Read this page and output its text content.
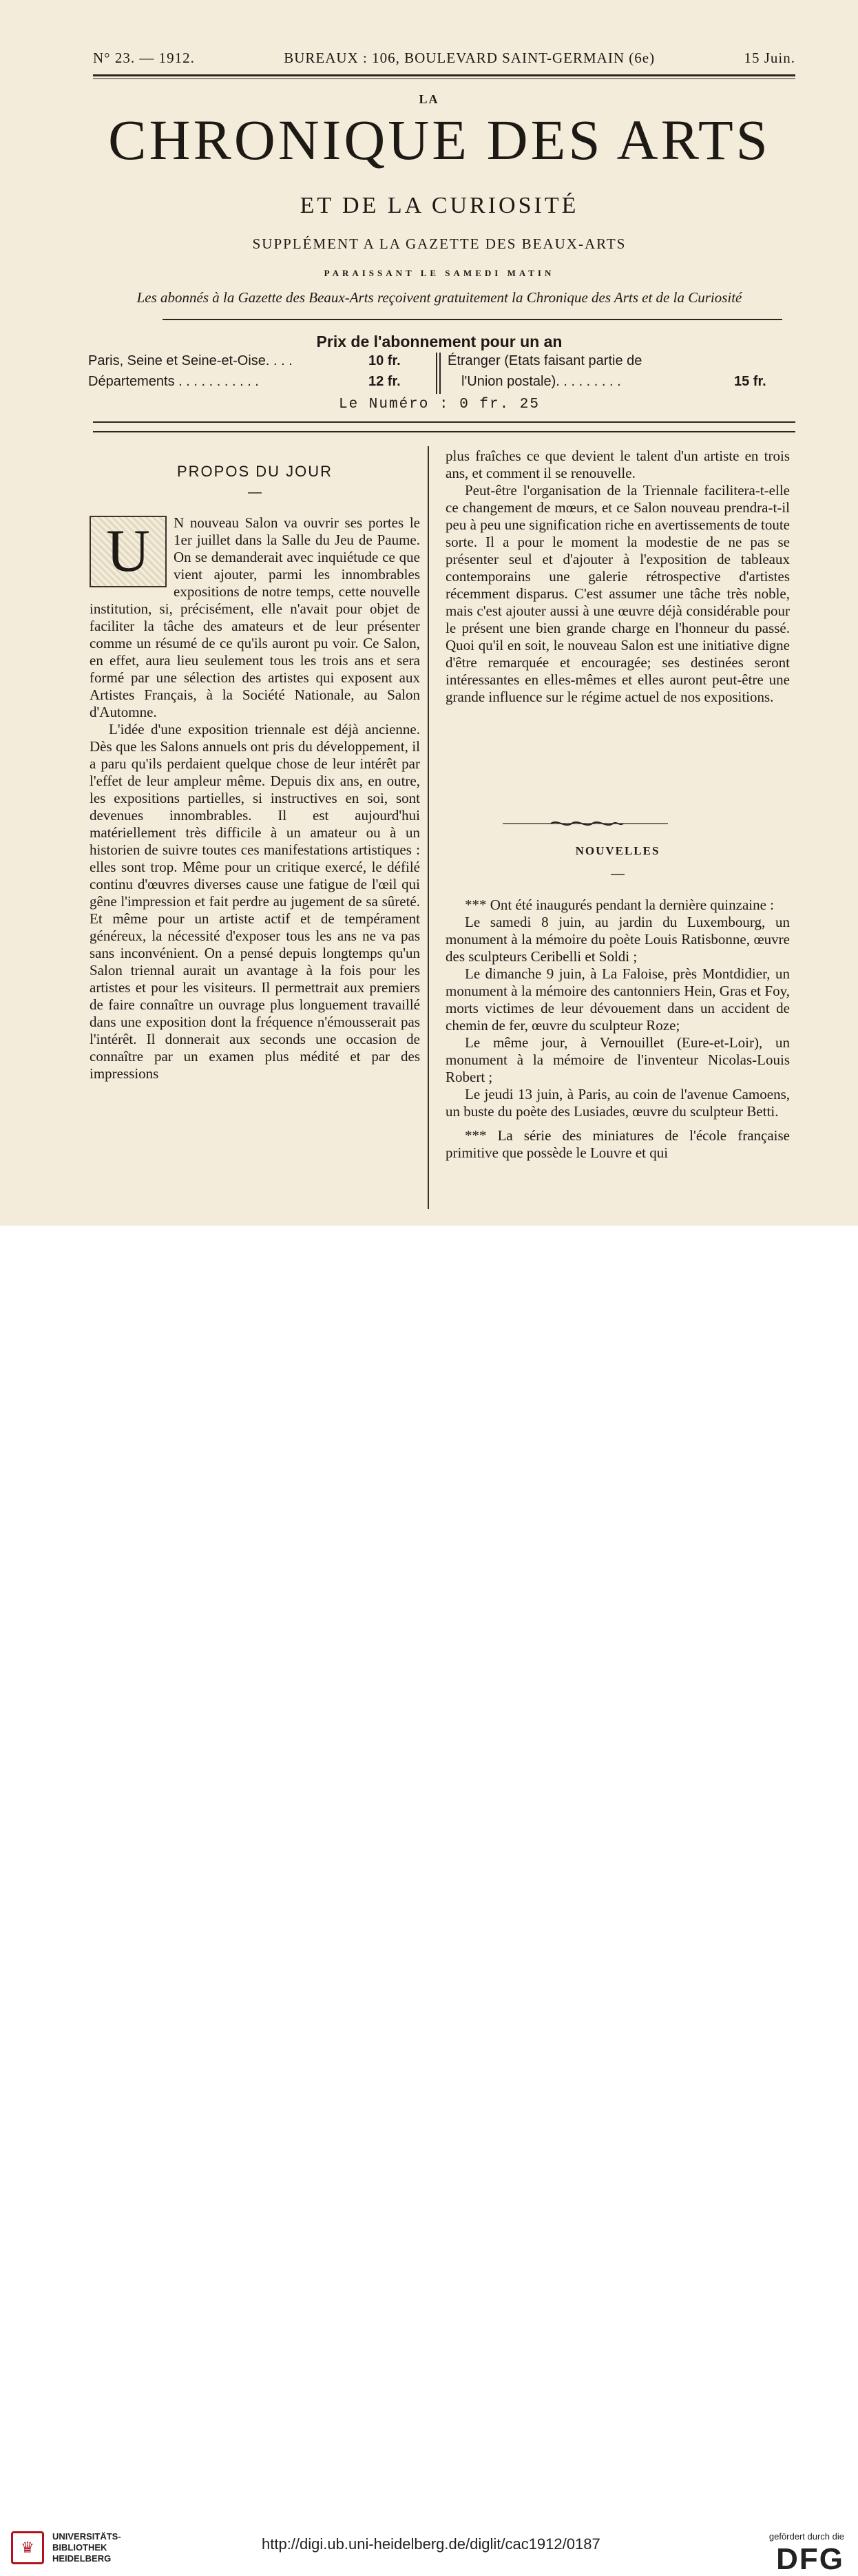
N° 23. — 1912.	BUREAUX : 106, BOULEVARD SAINT-GERMAIN (6e)	15 Juin.
LA
CHRONIQUE DES ARTS
ET DE LA CURIOSITÉ
SUPPLÉMENT A LA GAZETTE DES BEAUX-ARTS
PARAISSANT LE SAMEDI MATIN
Les abonnés à la Gazette des Beaux-Arts reçoivent gratuitement la Chronique des Arts et de la Curiosité
Prix de l'abonnement pour un an
Paris, Seine et Seine-et-Oise. . . .	10 fr.
Départements . . . . . . . . . . .	12 fr.
Étranger (Etats faisant partie de
l'Union postale). . . . . . . . .	15 fr.
Le Numéro : 0 fr. 25
PROPOS DU JOUR
—
U	N nouveau Salon va ouvrir ses portes le 1er juillet dans la Salle du Jeu de Paume. On se demanderait avec inquiétude ce que vient ajouter, parmi les innombrables expositions de notre temps, cette nouvelle institution, si, précisément, elle n'avait pour objet de faciliter la tâche des amateurs et de leur présenter comme un résumé de ce qu'ils auront pu voir. Ce Salon, en effet, aura lieu seulement tous les trois ans et sera formé par une sélection des artistes qui exposent aux Artistes Français, à la Société Nationale, au Salon d'Automne.

L'idée d'une exposition triennale est déjà ancienne. Dès que les Salons annuels ont pris du développement, il a paru qu'ils perdaient quelque chose de leur intérêt par l'effet de leur ampleur même. Depuis dix ans, en outre, les expositions partielles, si instructives en soi, sont devenues innombrables. Il est aujourd'hui matériellement très difficile à un amateur ou à un historien de suivre toutes ces manifestations artistiques : elles sont trop. Même pour un critique exercé, le défilé continu d'œuvres diverses cause une fatigue de l'œil qui gêne l'impression et fait perdre au jugement de sa sûreté. Et même pour un artiste actif et de tempérament généreux, la nécessité d'exposer tous les ans ne va pas sans inconvénient. On a pensé depuis longtemps qu'un Salon triennal aurait un avantage à la fois pour les artistes et pour les visiteurs. Il permettrait aux premiers de faire connaître un ouvrage plus longuement travaillé dans une exposition dont la fréquence n'émousserait pas l'intérêt. Il donnerait aux seconds une occasion de connaître par un examen plus médité et par des impressions

plus fraîches ce que devient le talent d'un artiste en trois ans, et comment il se renouvelle.

Peut-être l'organisation de la Triennale facilitera-t-elle ce changement de mœurs, et ce Salon nouveau prendra-t-il peu à peu une signification riche en avertissements de toute sorte. Il a pour le moment la modestie de ne pas se présenter seul et d'ajouter à l'exposition de tableaux contemporains une galerie rétrospective d'artistes récemment disparus. C'est assumer une tâche très noble, mais c'est ajouter aussi à une œuvre déjà considérable pour le présent une bien grande charge en l'honneur du passé. Quoi qu'il en soit, le nouveau Salon est une initiative digne d'être remarquée et encouragée; ses destinées seront intéressantes en elles-mêmes et elles auront peut-être une grande influence sur le régime actuel de nos expositions.

NOUVELLES
—

*** Ont été inaugurés pendant la dernière quinzaine :

Le samedi 8 juin, au jardin du Luxembourg, un monument à la mémoire du poète Louis Ratisbonne, œuvre des sculpteurs Ceribelli et Soldi ;

Le dimanche 9 juin, à La Faloise, près Montdidier, un monument à la mémoire des cantonniers Hein, Gras et Foy, morts victimes de leur dévouement dans un accident de chemin de fer, œuvre du sculpteur Roze;

Le même jour, à Vernouillet (Eure-et-Loir), un monument à la mémoire de l'inventeur Nicolas-Louis Robert ;

Le jeudi 13 juin, à Paris, au coin de l'avenue Camoens, un buste du poète des Lusiades, œuvre du sculpteur Betti.

*** La série des miniatures de l'école française primitive que possède le Louvre et qui

♛
UNIVERSITÄTS-
BIBLIOTHEK
HEIDELBERG
http://digi.ub.uni-heidelberg.de/diglit/cac1912/0187	gefördert durch die
DFG
